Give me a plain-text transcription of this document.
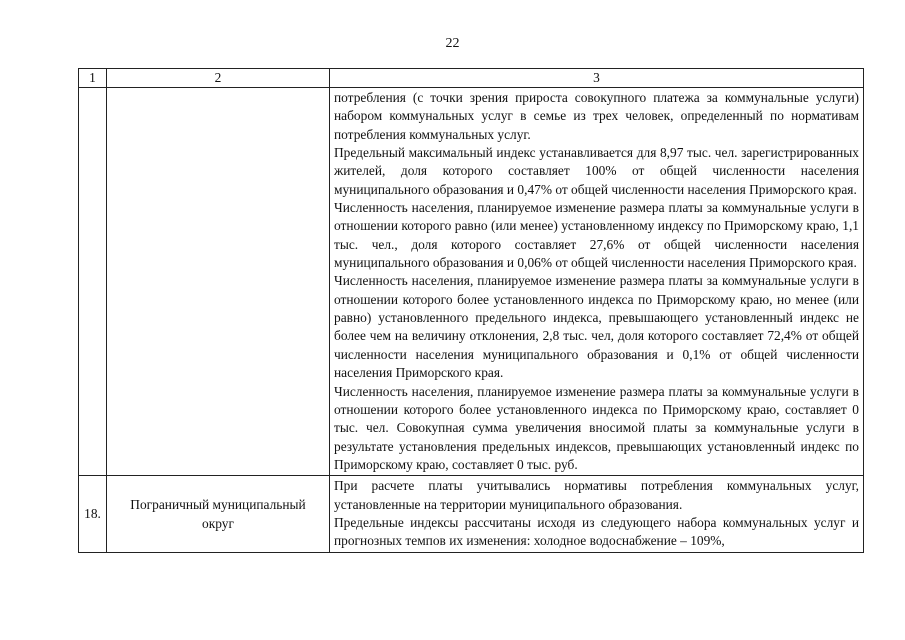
22
1	2	3

		потребления (с точки зрения прироста совокупного платежа за коммунальные услуги) набором коммунальных услуг в семье из трех человек, определенный по нормативам потребления коммунальных услуг.
Предельный максимальный индекс устанавливается для 8,97 тыс. чел. зарегистрированных жителей, доля которого составляет 100% от общей численности населения муниципального образования и 0,47% от общей численности населения Приморского края.
Численность населения, планируемое изменение размера платы за коммунальные услуги в отношении которого равно (или менее) установленному индексу по Приморскому краю, 1,1 тыс. чел., доля которого составляет 27,6% от общей численности населения муниципального образования и 0,06% от общей численности населения Приморского края.
Численность населения, планируемое изменение размера платы за коммунальные услуги в отношении которого более установленного индекса по Приморскому краю, но менее (или равно) установленного предельного индекса, превышающего установленный индекс не более чем на величину отклонения, 2,8 тыс. чел, доля которого составляет 72,4% от общей численности населения муниципального образования и 0,1% от общей численности населения Приморского края.
Численность населения, планируемое изменение размера платы за коммунальные услуги в отношении которого более установленного индекса по Приморскому краю, составляет 0 тыс. чел. Совокупная сумма увеличения вносимой платы за коммунальные услуги в результате установления предельных индексов, превышающих установленный индекс по Приморскому краю, составляет 0 тыс. руб.

18.	Пограничный муниципальный округ	При расчете платы учитывались нормативы потребления коммунальных услуг, установленные на территории муниципального образования.
Предельные индексы рассчитаны исходя из следующего набора коммунальных услуг и прогнозных темпов их изменения: холодное водоснабжение – 109%,
